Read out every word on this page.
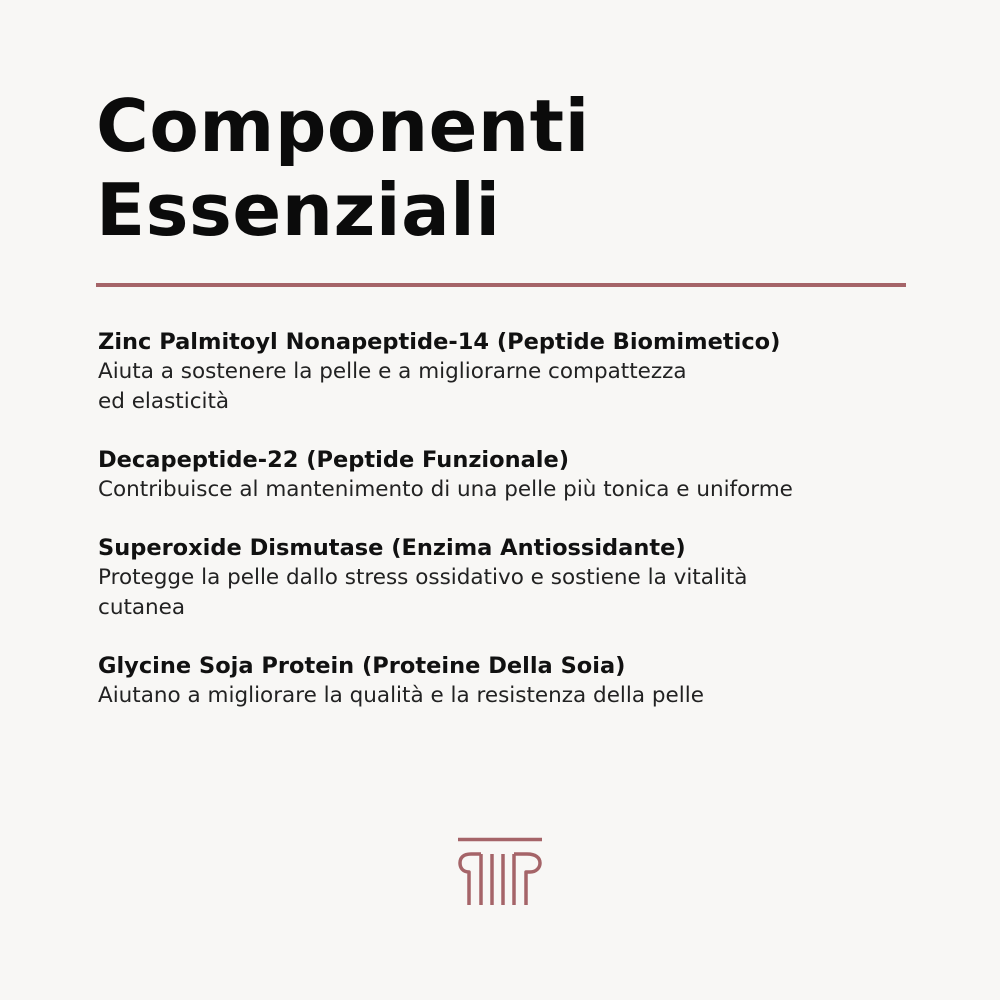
Componenti
Essenziali
Zinc Palmitoyl Nonapeptide-14 (Peptide Biomimetico)
Aiuta a sostenere la pelle e a migliorarne compattezza
ed elasticità
Decapeptide-22 (Peptide Funzionale)
Contribuisce al mantenimento di una pelle più tonica e uniforme
Superoxide Dismutase (Enzima Antiossidante)
Protegge la pelle dallo stress ossidativo e sostiene la vitalità
cutanea
Glycine Soja Protein (Proteine Della Soia)
Aiutano a migliorare la qualità e la resistenza della pelle
